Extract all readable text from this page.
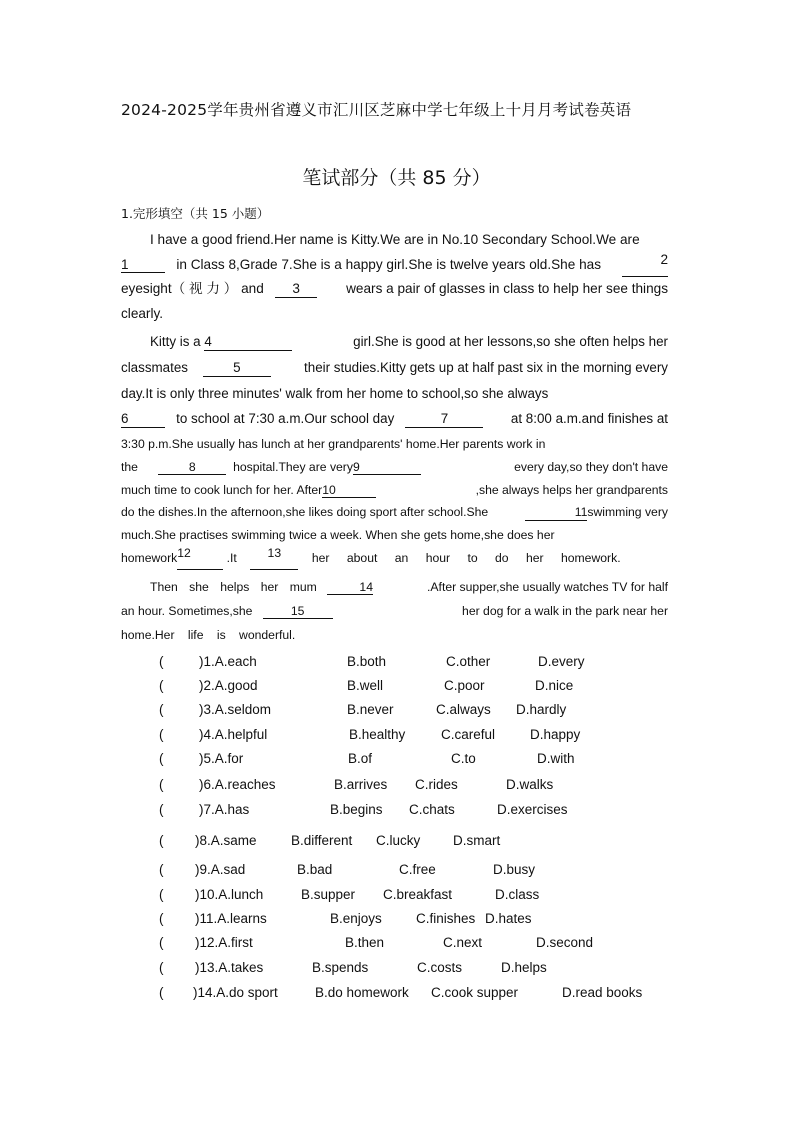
2024-2025学年贵州省遵义市汇川区芝麻中学七年级上十月月考试卷英语
笔试部分（共 85 分）
1.完形填空（共 15 小题）
I have a good friend.Her name is Kitty.We are in No.10 Secondary School.We are
1	in Class 8,Grade 7.She is a happy girl.She is twelve years old.She has	2
eyesight（ 视 力 ） and 3	wears a pair of glasses in class to help her see things
clearly.
Kitty is a 4	girl.She is good at her lessons,so she often helps her
classmates	5	their studies.Kitty gets up at half past six in the morning every
day.It is only three minutes' walk from her home to school,so she always
6	to school at 7:30 a.m.Our school day	7	at 8:00 a.m.and finishes at
3:30 p.m.She usually has lunch at her grandparents' home.Her parents work in
the	8	hospital.They are very9	every day,so they don't have
much time to cook lunch for her. After10	,she always helps her grandparents
do the dishes.In the afternoon,she likes doing sport after school.She	11swimming very
much.She practises swimming twice a week. When she gets home,she does her
homework 12
	.It
	13
	her about an hour to do her homework.
Then she helps her mum	14	.After supper,she usually watches TV for half
an hour. Sometimes,she	15	her dog for a walk in the park near her
home.Her life is wonderful.
(	)1.A.each	B.both	C.other	D.every
(	)2.A.good	B.well	C.poor	D.nice
(	)3.A.seldom	B.never	C.always D.hardly
(	)4.A.helpful	B.healthy	C.careful	D.happy
(	)5.A.for	B.of	C.to	D.with
(	)6.A.reaches	B.arrives C.rides	D.walks
(	)7.A.has	B.begins C.chats	D.exercises
( )8.A.same	B.different C.lucky D.smart
( )9.A.sad	B.bad	C.free	D.busy
( )10.A.lunch	B.supper C.breakfast	D.class
( )11.A.learns	B.enjoys	C.finishes D.hates
( )12.A.first	B.then	C.next	D.second
( )13.A.takes	B.spends	C.costs	D.helps
( )14.A.do sport	B.do homework C.cook supper	D.read books
